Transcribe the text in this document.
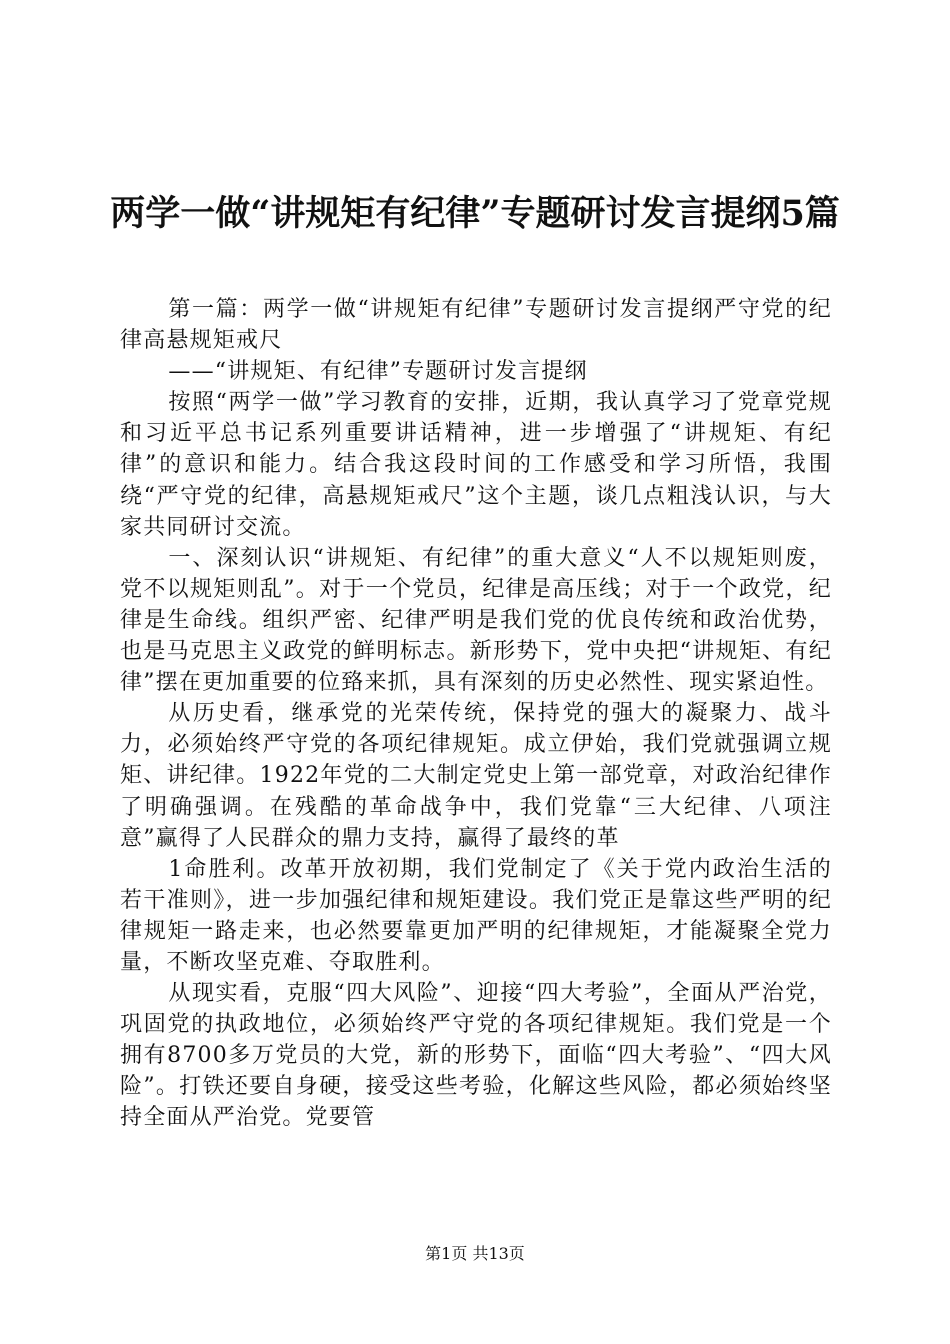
两学一做“讲规矩有纪律”专题研讨发言提纲5篇

第一篇：两学一做“讲规矩有纪律”专题研讨发言提纲严守党的纪律高悬规矩戒尺

——“讲规矩、有纪律”专题研讨发言提纲

按照“两学一做”学习教育的安排，近期，我认真学习了党章党规和习近平总书记系列重要讲话精神，进一步增强了“讲规矩、有纪律”的意识和能力。结合我这段时间的工作感受和学习所悟，我围绕“严守党的纪律，高悬规矩戒尺”这个主题，谈几点粗浅认识，与大家共同研讨交流。

一、深刻认识“讲规矩、有纪律”的重大意义“人不以规矩则废，党不以规矩则乱”。对于一个党员，纪律是高压线；对于一个政党，纪律是生命线。组织严密、纪律严明是我们党的优良传统和政治优势，也是马克思主义政党的鲜明标志。新形势下，党中央把“讲规矩、有纪律”摆在更加重要的位臵来抓，具有深刻的历史必然性、现实紧迫性。

从历史看，继承党的光荣传统，保持党的强大的凝聚力、战斗力，必须始终严守党的各项纪律规矩。成立伊始，我们党就强调立规矩、讲纪律。1922年党的二大制定党史上第一部党章，对政治纪律作了明确强调。在残酷的革命战争中，我们党靠“三大纪律、八项注意”赢得了人民群众的鼎力支持，赢得了最终的革

1命胜利。改革开放初期，我们党制定了《关于党内政治生活的若干准则》，进一步加强纪律和规矩建设。我们党正是靠这些严明的纪律规矩一路走来，也必然要靠更加严明的纪律规矩，才能凝聚全党力量，不断攻坚克难、夺取胜利。

从现实看，克服“四大风险”、迎接“四大考验”，全面从严治党，巩固党的执政地位，必须始终严守党的各项纪律规矩。我们党是一个拥有8700多万党员的大党，新的形势下，面临“四大考验”、“四大风险”。打铁还要自身硬，接受这些考验，化解这些风险，都必须始终坚持全面从严治党。党要管

第1页 共13页
